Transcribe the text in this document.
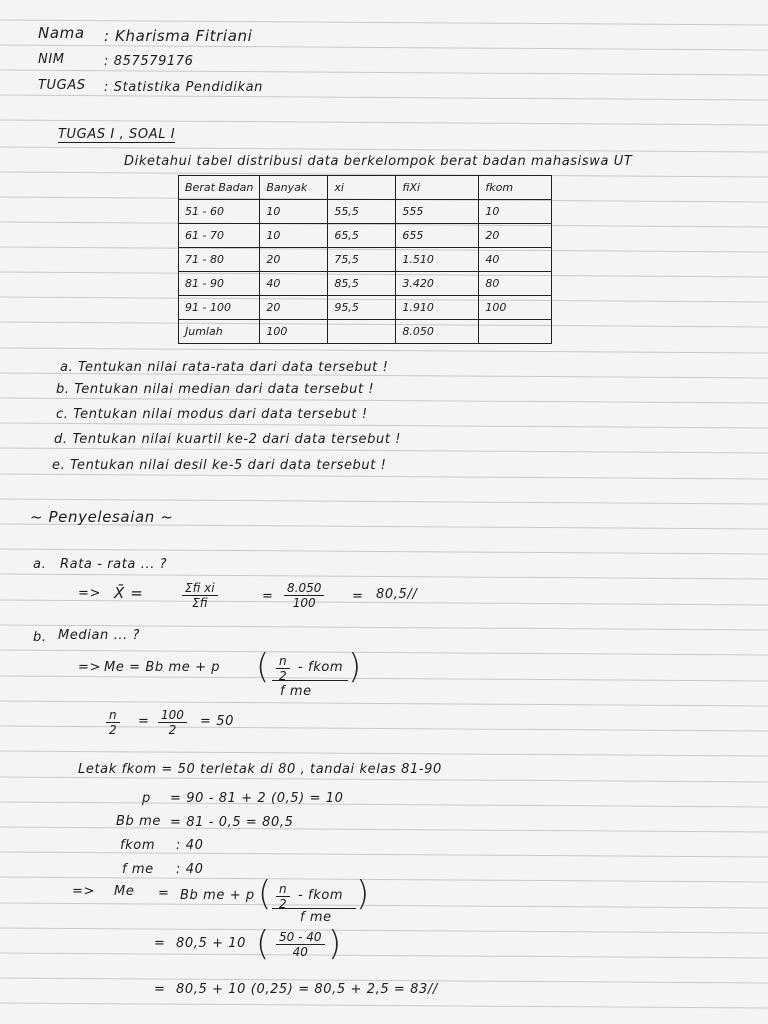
Nama : Kharisma Fitriani
NIM	: 857579176
TUGAS : Statistika Pendidikan
TUGAS I , SOAL I
Diketahui tabel distribusi data berkelompok berat badan mahasiswa UT
Berat Badan	Banyak	xi	fiXi	fkom
51 - 60	10	55,5	555	10
61 - 70	10	65,5	655	20
71 - 80	20	75,5	1.510	40
81 - 90	40	85,5	3.420	80
91 - 100	20	95,5	1.910	100
Jumlah	100		8.050	
a. Tentukan nilai rata-rata dari data tersebut !
b. Tentukan nilai median dari data tersebut !
c. Tentukan nilai modus dari data tersebut !
d. Tentukan nilai kuartil ke-2 dari data tersebut !
e. Tentukan nilai desil ke-5 dari data tersebut !
~ Penyelesaian ~
a. Rata - rata ... ?
=> X̄ =	Σfi xi
Σfi	=
8.050
100	= 80,5//
b. Median ... ?
=> Me = Bb me + p ( n
2
- fkom
f me
)
n
2
= 100
2
= 50
Letak fkom = 50 terletak di 80 , tandai kelas 81-90
p = 90 - 81 + 2 (0,5) = 10
Bb me = 81 - 0,5 = 80,5
fkom : 40
f me : 40
=> Me = Bb me + p ( n
2
- fkom
f me
)
= 80,5 + 10 ( 50 - 40
40 )
= 80,5 + 10 (0,25) = 80,5 + 2,5 = 83//
